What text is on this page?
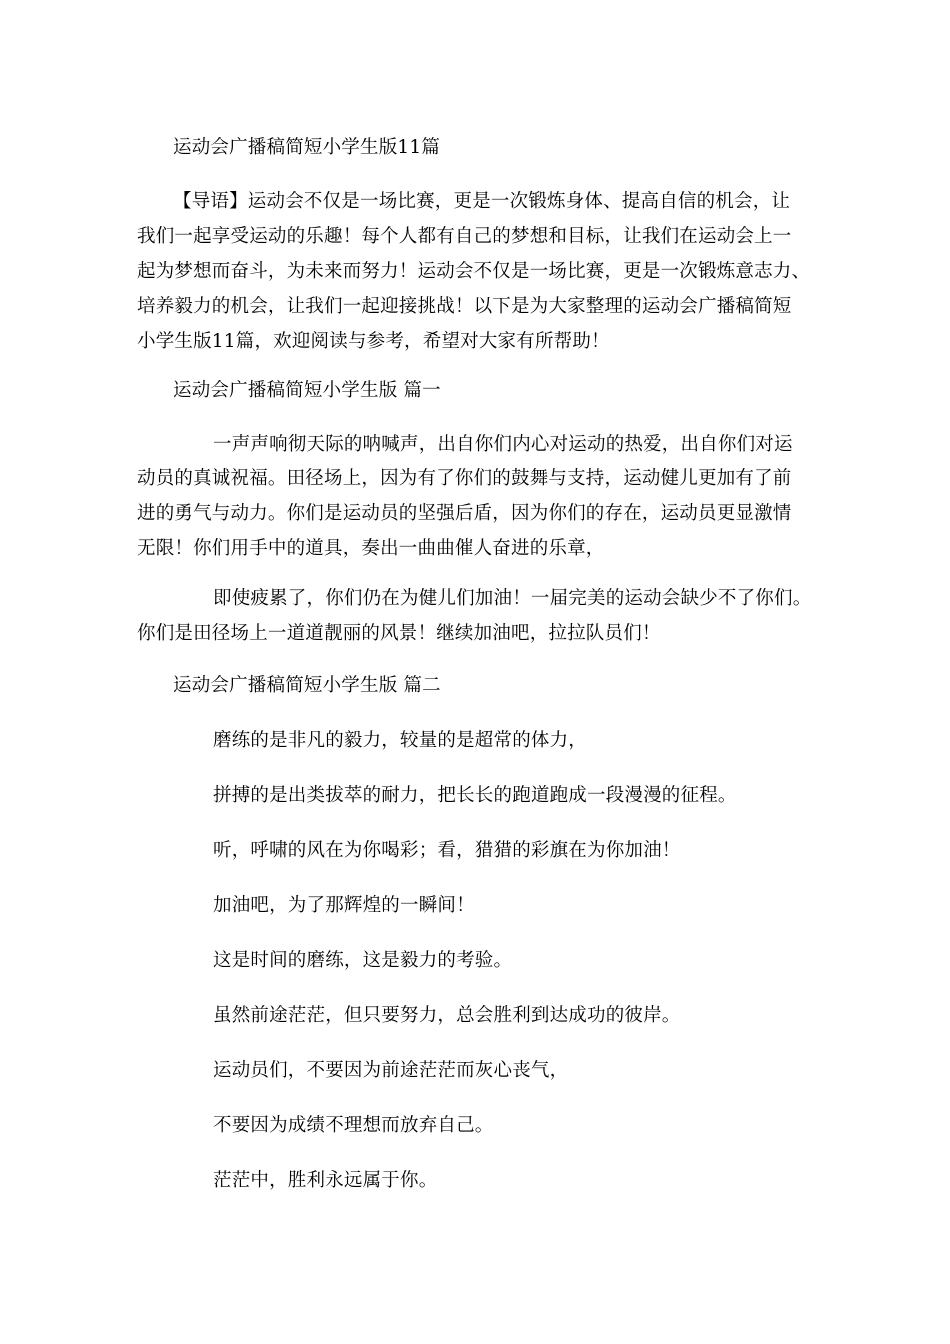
运动会广播稿简短小学生版11篇
【导语】运动会不仅是一场比赛，更是一次锻炼身体、提高自信的机会，让
我们一起享受运动的乐趣！每个人都有自己的梦想和目标，让我们在运动会上一
起为梦想而奋斗，为未来而努力！运动会不仅是一场比赛，更是一次锻炼意志力、
培养毅力的机会，让我们一起迎接挑战！以下是为大家整理的运动会广播稿简短
小学生版11篇，欢迎阅读与参考，希望对大家有所帮助！
运动会广播稿简短小学生版 篇一
一声声响彻天际的呐喊声，出自你们内心对运动的热爱，出自你们对运
动员的真诚祝福。田径场上，因为有了你们的鼓舞与支持，运动健儿更加有了前
进的勇气与动力。你们是运动员的坚强后盾，因为你们的存在，运动员更显激情
无限！你们用手中的道具，奏出一曲曲催人奋进的乐章，
即使疲累了，你们仍在为健儿们加油！一届完美的运动会缺少不了你们。
你们是田径场上一道道靓丽的风景！继续加油吧，拉拉队员们！
运动会广播稿简短小学生版 篇二
磨练的是非凡的毅力，较量的是超常的体力，
拼搏的是出类拔萃的耐力，把长长的跑道跑成一段漫漫的征程。
听，呼啸的风在为你喝彩；看，猎猎的彩旗在为你加油！
加油吧，为了那辉煌的一瞬间！
这是时间的磨练，这是毅力的考验。
虽然前途茫茫，但只要努力，总会胜利到达成功的彼岸。
运动员们，不要因为前途茫茫而灰心丧气，
不要因为成绩不理想而放弃自己。
茫茫中，胜利永远属于你。
